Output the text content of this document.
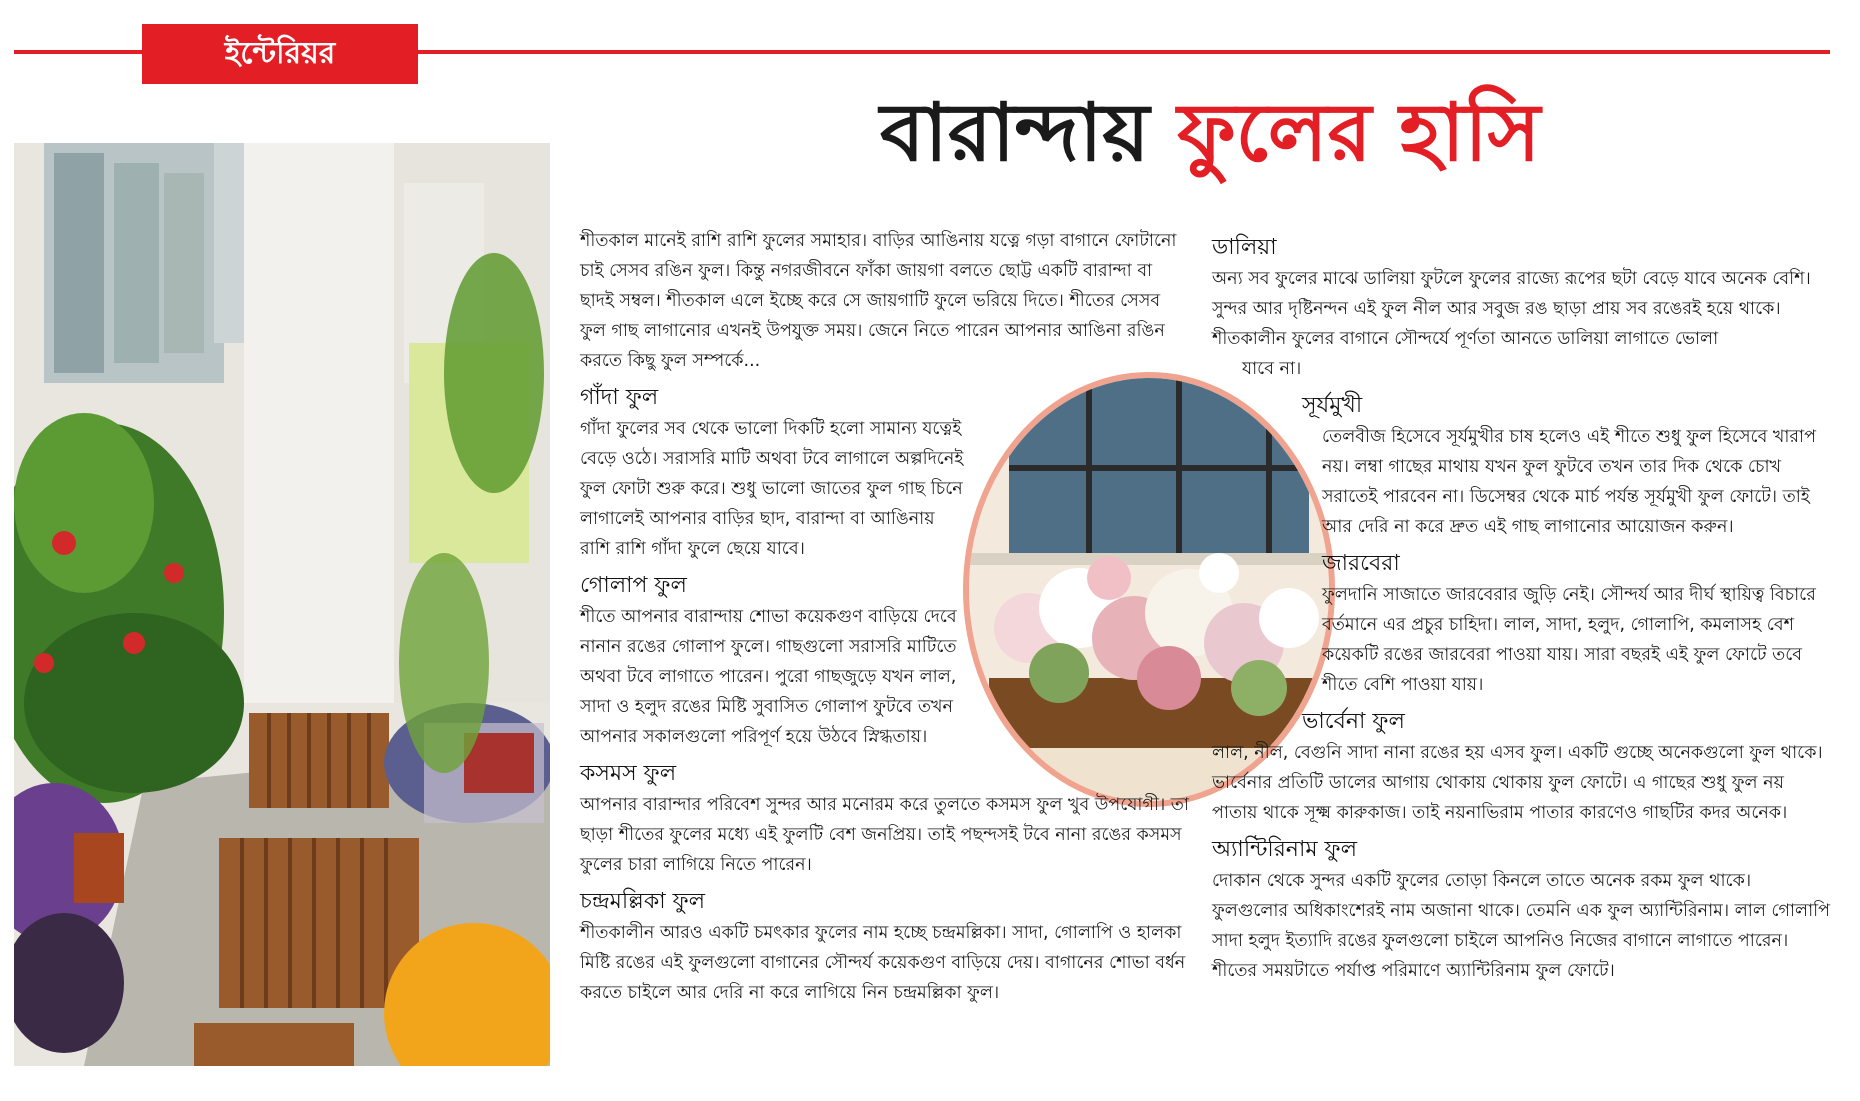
ইন্টেরিয়র
বারান্দায় ফুলের হাসি

শীতকাল মানেই রাশি রাশি ফুলের সমাহার। বাড়ির আঙিনায় যত্নে গড়া বাগানে ফোটানো চাই সেসব রঙিন ফুল। কিন্তু নগরজীবনে ফাঁকা জায়গা বলতে ছোট্ট একটি বারান্দা বা ছাদই সম্বল। শীতকাল এলে ইচ্ছে করে সে জায়গাটি ফুলে ভরিয়ে দিতে। শীতের সেসব ফুল গাছ লাগানোর এখনই উপযুক্ত সময়। জেনে নিতে পারেন আপনার আঙিনা রঙিন করতে কিছু ফুল সম্পর্কে...

গাঁদা ফুল

গাঁদা ফুলের সব থেকে ভালো দিকটি হলো সামান্য যত্নেই বেড়ে ওঠে। সরাসরি মাটি অথবা টবে লাগালে অল্পদিনেই ফুল ফোটা শুরু করে। শুধু ভালো জাতের ফুল গাছ চিনে লাগালেই আপনার বাড়ির ছাদ, বারান্দা বা আঙিনায় রাশি রাশি গাঁদা ফুলে ছেয়ে যাবে।

গোলাপ ফুল

শীতে আপনার বারান্দায় শোভা কয়েকগুণ বাড়িয়ে দেবে নানান রঙের গোলাপ ফুলে। গাছগুলো সরাসরি মাটিতে অথবা টবে লাগাতে পারেন। পুরো গাছজুড়ে যখন লাল, সাদা ও হলুদ রঙের মিষ্টি সুবাসিত গোলাপ ফুটবে তখন আপনার সকালগুলো পরিপূর্ণ হয়ে উঠবে স্নিগ্ধতায়।

কসমস ফুল

আপনার বারান্দার পরিবেশ সুন্দর আর মনোরম করে তুলতে কসমস ফুল খুব উপযোগী। তা ছাড়া শীতের ফুলের মধ্যে এই ফুলটি বেশ জনপ্রিয়। তাই পছন্দসই টবে নানা রঙের কসমস ফুলের চারা লাগিয়ে নিতে পারেন।

চন্দ্রমল্লিকা ফুল

শীতকালীন আরও একটি চমৎকার ফুলের নাম হচ্ছে চন্দ্রমল্লিকা। সাদা, গোলাপি ও হালকা মিষ্টি রঙের এই ফুলগুলো বাগানের সৌন্দর্য কয়েকগুণ বাড়িয়ে দেয়। বাগানের শোভা বর্ধন করতে চাইলে আর দেরি না করে লাগিয়ে নিন চন্দ্রমল্লিকা ফুল।

ডালিয়া

অন্য সব ফুলের মাঝে ডালিয়া ফুটলে ফুলের রাজ্যে রূপের ছটা বেড়ে যাবে অনেক বেশি। সুন্দর আর দৃষ্টিনন্দন এই ফুল নীল আর সবুজ রঙ ছাড়া প্রায় সব রঙেরই হয়ে থাকে। শীতকালীন ফুলের বাগানে সৌন্দর্যে পূর্ণতা আনতে ডালিয়া লাগাতে ভোলা

যাবে না।

সূর্যমুখী

তেলবীজ হিসেবে সূর্যমুখীর চাষ হলেও এই শীতে শুধু ফুল হিসেবে খারাপ নয়। লম্বা গাছের মাথায় যখন ফুল ফুটবে তখন তার দিক থেকে চোখ সরাতেই পারবেন না। ডিসেম্বর থেকে মার্চ পর্যন্ত সূর্যমুখী ফুল ফোটে। তাই আর দেরি না করে দ্রুত এই গাছ লাগানোর আয়োজন করুন।

জারবেরা

ফুলদানি সাজাতে জারবেরার জুড়ি নেই। সৌন্দর্য আর দীর্ঘ স্থায়িত্ব বিচারে বর্তমানে এর প্রচুর চাহিদা। লাল, সাদা, হলুদ, গোলাপি, কমলাসহ বেশ কয়েকটি রঙের জারবেরা পাওয়া যায়। সারা বছরই এই ফুল ফোটে তবে শীতে বেশি পাওয়া যায়।

ভার্বেনা ফুল

লাল, নীল, বেগুনি সাদা নানা রঙের হয় এসব ফুল। একটি গুচ্ছে অনেকগুলো ফুল থাকে। ভার্বেনার প্রতিটি ডালের আগায় থোকায় থোকায় ফুল ফোটে। এ গাছের শুধু ফুল নয় পাতায় থাকে সূক্ষ্ম কারুকাজ। তাই নয়নাভিরাম পাতার কারণেও গাছটির কদর অনেক।

অ্যান্টিরিনাম ফুল

দোকান থেকে সুন্দর একটি ফুলের তোড়া কিনলে তাতে অনেক রকম ফুল থাকে। ফুলগুলোর অধিকাংশেরই নাম অজানা থাকে। তেমনি এক ফুল অ্যান্টিরিনাম। লাল গোলাপি সাদা হলুদ ইত্যাদি রঙের ফুলগুলো চাইলে আপনিও নিজের বাগানে লাগাতে পারেন। শীতের সময়টাতে পর্যাপ্ত পরিমাণে অ্যান্টিরিনাম ফুল ফোটে।
